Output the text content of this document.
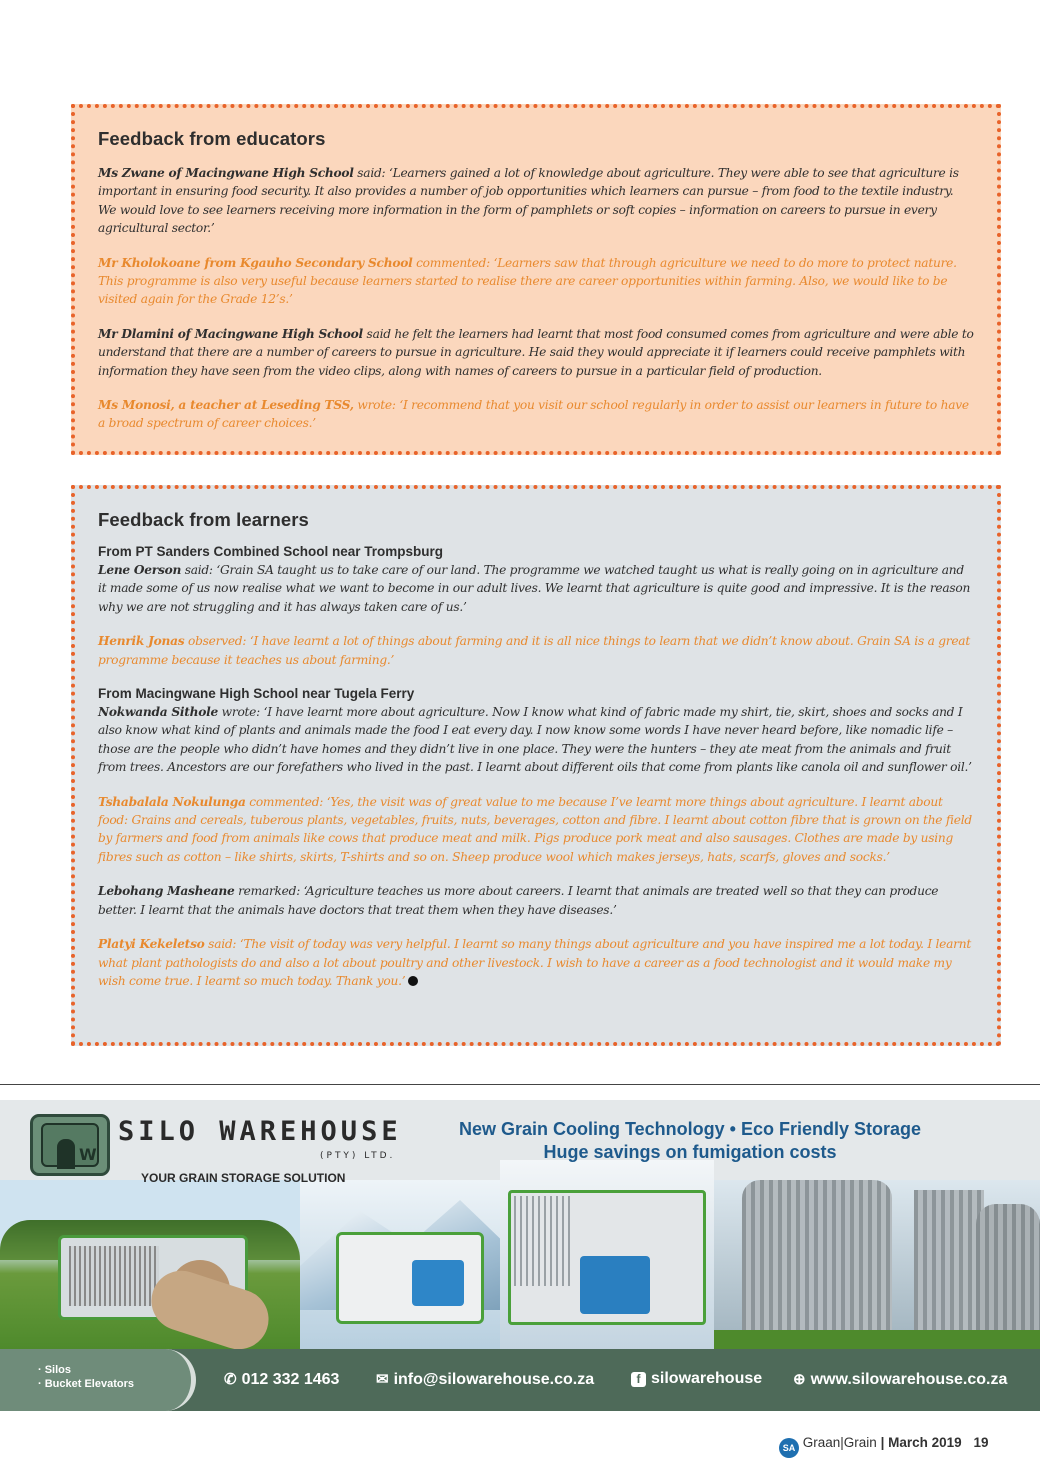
Feedback from educators

Ms Zwane of Macingwane High School said: ‘Learners gained a lot of knowledge about agriculture. They were able to see that agriculture is important in ensuring food security. It also provides a number of job opportunities which learners can pursue – from food to the textile industry. We would love to see learners receiving more information in the form of pamphlets or soft copies – information on careers to pursue in every agricultural sector.’

Mr Kholokoane from Kgauho Secondary School commented: ‘Learners saw that through agriculture we need to do more to protect nature. This programme is also very useful because learners started to realise there are career opportunities within farming. Also, we would like to be visited again for the Grade 12’s.’

Mr Dlamini of Macingwane High School said he felt the learners had learnt that most food consumed comes from agriculture and were able to understand that there are a number of careers to pursue in agriculture. He said they would appreciate it if learners could receive pamphlets with information they have seen from the video clips, along with names of careers to pursue in a particular field of production.

Ms Monosi, a teacher at Leseding TSS, wrote: ‘I recommend that you visit our school regularly in order to assist our learners in future to have a broad spectrum of career choices.’

Feedback from learners
From PT Sanders Combined School near Trompsburg

Lene Oerson said: ‘Grain SA taught us to take care of our land. The programme we watched taught us what is really going on in agriculture and it made some of us now realise what we want to become in our adult lives. We learnt that agriculture is quite good and impressive. It is the reason why we are not struggling and it has always taken care of us.’

Henrik Jonas observed: ‘I have learnt a lot of things about farming and it is all nice things to learn that we didn’t know about. Grain SA is a great programme because it teaches us about farming.’

From Macingwane High School near Tugela Ferry

Nokwanda Sithole wrote: ‘I have learnt more about agriculture. Now I know what kind of fabric made my shirt, tie, skirt, shoes and socks and I also know what kind of plants and animals made the food I eat every day. I now know some words I have never heard before, like nomadic life – those are the people who didn’t have homes and they didn’t live in one place. They were the hunters – they ate meat from the animals and fruit from trees. Ancestors are our forefathers who lived in the past. I learnt about different oils that come from plants like canola oil and sunflower oil.’

Tshabalala Nokulunga commented: ‘Yes, the visit was of great value to me because I’ve learnt more things about agriculture. I learnt about food: Grains and cereals, tuberous plants, vegetables, fruits, nuts, beverages, cotton and fibre. I learnt about cotton fibre that is grown on the field by farmers and food from animals like cows that produce meat and milk. Pigs produce pork meat and also sausages. Clothes are made by using fibres such as cotton – like shirts, skirts, T-shirts and so on. Sheep produce wool which makes jerseys, hats, scarfs, gloves and socks.’

Lebohang Masheane remarked: ‘Agriculture teaches us more about careers. I learnt that animals are treated well so that they can produce better. I learnt that the animals have doctors that treat them when they have diseases.’

Platyi Kekeletso said: ‘The visit of today was very helpful. I learnt so many things about agriculture and you have inspired me a lot today. I learnt what plant pathologists do and also a lot about poultry and other livestock. I wish to have a career as a food technologist and it would make my wish come true. I learnt so much today. Thank you.’

W
SILO WAREHOUSE
(PTY) LTD.
YOUR GRAIN STORAGE SOLUTION
New Grain Cooling Technology • Eco Friendly Storage
Huge savings on fumigation costs
· Silos
· Bucket Elevators	✆ 012 332 1463 ✉ info@silowarehouse.co.za	f silowarehouse ⊕ www.silowarehouse.co.za
SA Graan|Grain | March 2019 19
